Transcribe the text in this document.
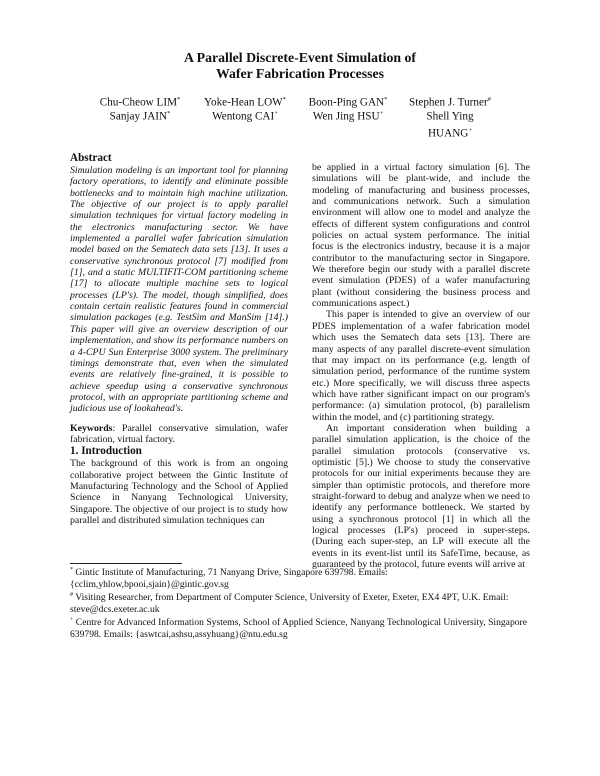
A Parallel Discrete-Event Simulation of
Wafer Fabrication Processes
Chu-Cheow LIM*	Yoke-Hean LOW*	Boon-Ping GAN*	Stephen J. Turner#
Sanjay JAIN*	Wentong CAI+	Wen Jing HSU+	Shell Ying
HUANG+
Abstract

Simulation modeling is an important tool for planning factory operations, to identify and eliminate possible bottlenecks and to maintain high machine utilization. The objective of our project is to apply parallel simulation techniques for virtual factory modeling in the electronics manufacturing sector. We have implemented a parallel wafer fabrication simulation model based on the Sematech data sets [13]. It uses a conservative synchronous protocol [7] modified from [1], and a static MULTIFIT-COM partitioning scheme [17] to allocate multiple machine sets to logical processes (LP's). The model, though simplified, does contain certain realistic features found in commercial simulation packages (e.g. TestSim and ManSim [14].) This paper will give an overview description of our implementation, and show its performance numbers on a 4-CPU Sun Enterprise 3000 system. The preliminary timings demonstrate that, even when the simulated events are relatively fine-grained, it is possible to achieve speedup using a conservative synchronous protocol, with an appropriate partitioning scheme and judicious use of lookahead's.

Keywords: Parallel conservative simulation, wafer fabrication, virtual factory.

1. Introduction

The background of this work is from an ongoing collaborative project between the Gintic Institute of Manufacturing Technology and the School of Applied Science in Nanyang Technological University, Singapore. The objective of our project is to study how parallel and distributed simulation techniques can

be applied in a virtual factory simulation [6]. The simulations will be plant-wide, and include the modeling of manufacturing and business processes, and communications network. Such a simulation environment will allow one to model and analyze the effects of different system configurations and control policies on actual system performance. The initial focus is the electronics industry, because it is a major contributor to the manufacturing sector in Singapore. We therefore begin our study with a parallel discrete event simulation (PDES) of a wafer manufacturing plant (without considering the business process and communications aspect.)

This paper is intended to give an overview of our PDES implementation of a wafer fabrication model which uses the Sematech data sets [13]. There are many aspects of any parallel discrete-event simulation that may impact on its performance (e.g. length of simulation period, performance of the runtime system etc.) More specifically, we will discuss three aspects which have rather significant impact on our program's performance: (a) simulation protocol, (b) parallelism within the model, and (c) partitioning strategy.

An important consideration when building a parallel simulation application, is the choice of the parallel simulation protocols (conservative vs. optimistic [5].) We choose to study the conservative protocols for our initial experiments because they are simpler than optimistic protocols, and therefore more straight-forward to debug and analyze when we need to identify any performance bottleneck. We started by using a synchronous protocol [1] in which all the logical processes (LP's) proceed in super-steps. (During each super-step, an LP will execute all the events in its event-list until its SafeTime, because, as guaranteed by the protocol, future events will arrive at

* Gintic Institute of Manufacturing, 71 Nanyang Drive, Singapore 639798. Emails: {cclim,yhlow,bpooi,sjain}@gintic.gov.sg

# Visiting Researcher, from Department of Computer Science, University of Exeter, Exeter, EX4 4PT, U.K. Email: steve@dcs.exeter.ac.uk

+ Centre for Advanced Information Systems, School of Applied Science, Nanyang Technological University, Singapore 639798. Emails: {aswtcai,ashsu,assyhuang}@ntu.edu.sg
